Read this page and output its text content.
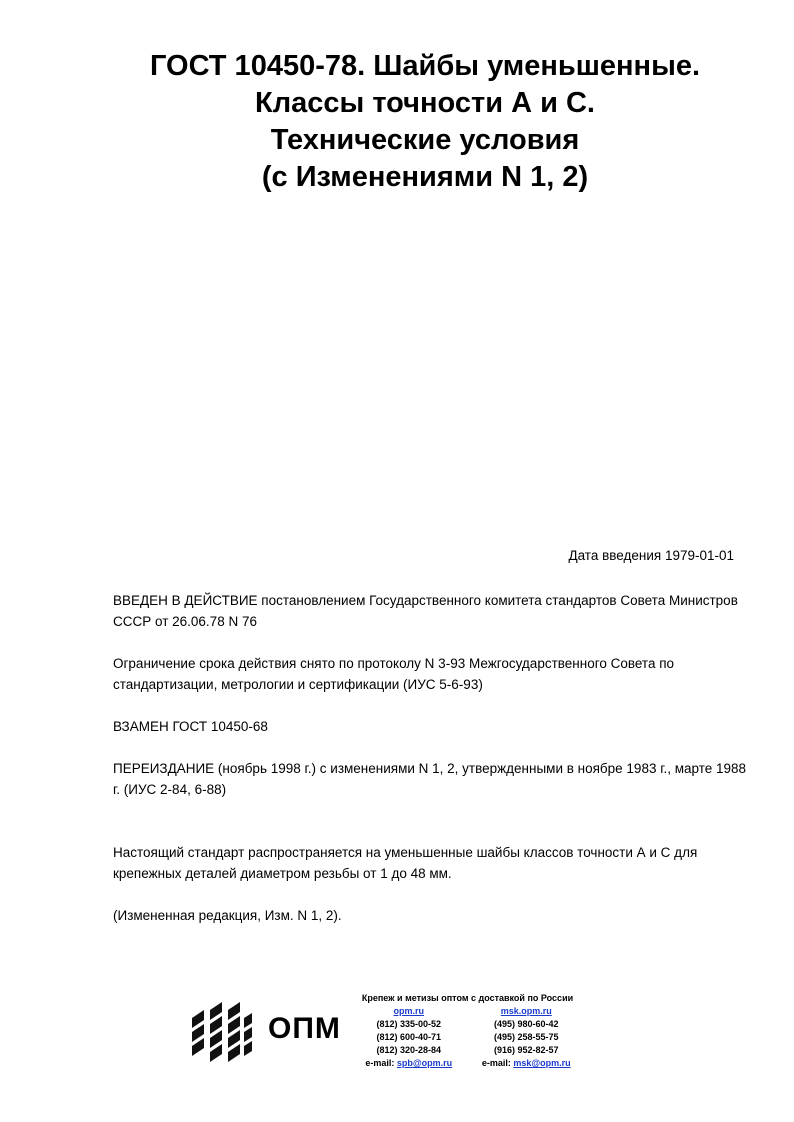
ГОСТ 10450-78. Шайбы уменьшенные.
Классы точности А и С.
Технические условия
(с Изменениями N 1, 2)
Дата введения 1979-01-01
ВВЕДЕН В ДЕЙСТВИЕ постановлением Государственного комитета стандартов Совета Министров СССР от 26.06.78 N 76
Ограничение срока действия снято по протоколу N 3-93 Межгосударственного Совета по стандартизации, метрологии и сертификации (ИУС 5-6-93)
ВЗАМЕН ГОСТ 10450-68
ПЕРЕИЗДАНИЕ (ноябрь 1998 г.) с изменениями N 1, 2, утвержденными в ноябре 1983 г., марте 1988 г. (ИУС 2-84, 6-88)
Настоящий стандарт распространяется на уменьшенные шайбы классов точности А и С для крепежных деталей диаметром резьбы от 1 до 48 мм.
(Измененная редакция, Изм. N 1, 2).
ОПМ
Крепеж и метизы оптом с доставкой по России
opm.ru	msk.opm.ru
(812) 335-00-52	(495) 980-60-42
(812) 600-40-71	(495) 258-55-75
(812) 320-28-84	(916) 952-82-57
e-mail: spb@opm.ru	e-mail: msk@opm.ru
